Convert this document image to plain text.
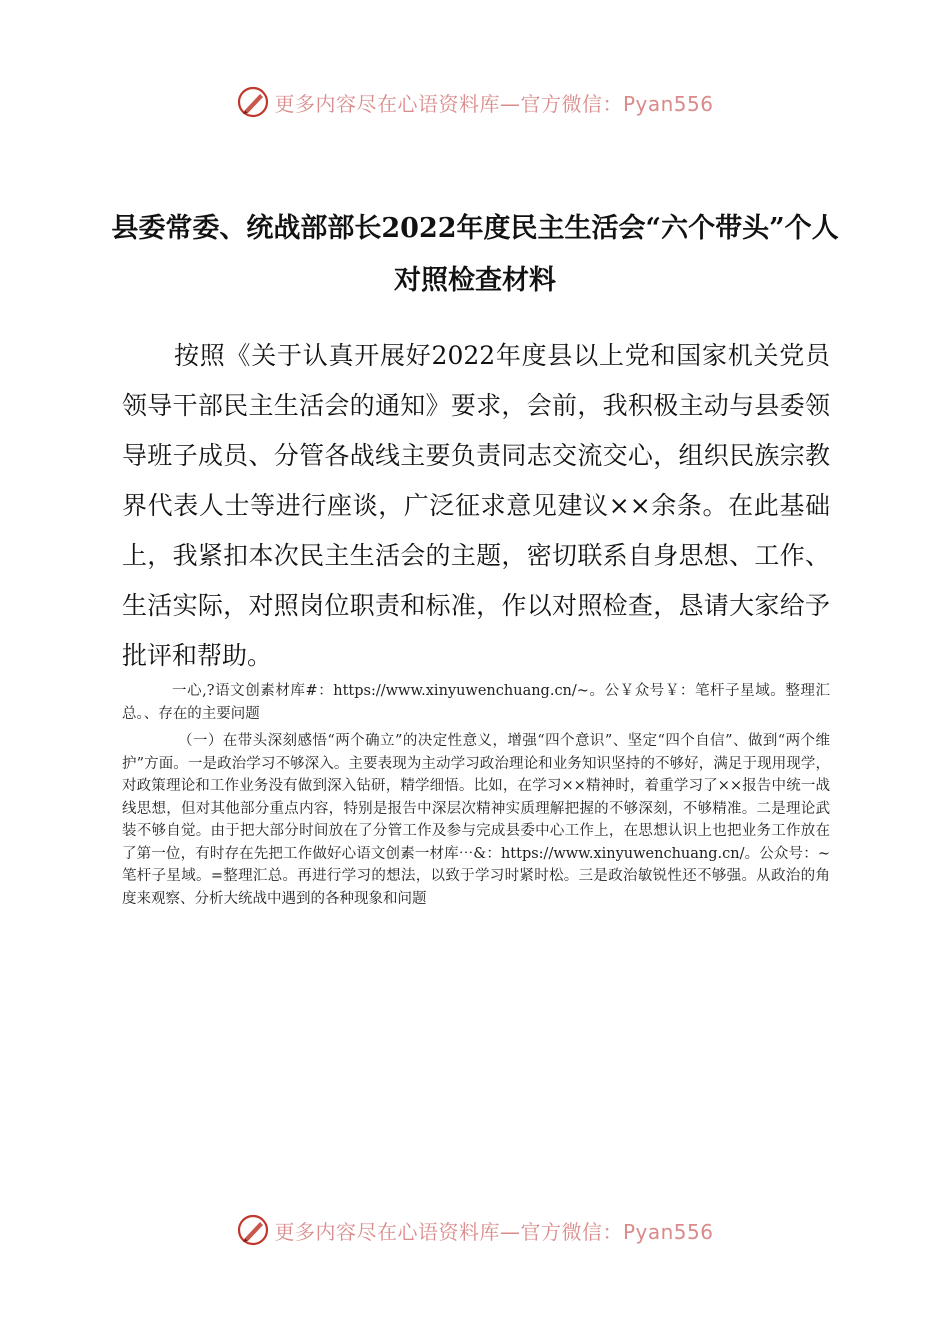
更多内容尽在心语资料库—官方微信：Pyan556
县委常委、统战部部长2022年度民主生活会“六个带头”个人对照检查材料

按照《关于认真开展好2022年度县以上党和国家机关党员领导干部民主生活会的通知》要求，会前，我积极主动与县委领导班子成员、分管各战线主要负责同志交流交心，组织民族宗教界代表人士等进行座谈，广泛征求意见建议××余条。在此基础上，我紧扣本次民主生活会的主题，密切联系自身思想、工作、生活实际，对照岗位职责和标准，作以对照检查，恳请大家给予批评和帮助。

一心,?语文创素材库#：https://www.xinyuwenchuang.cn/~。公￥众号￥：笔杆子星域。整理汇总。、存在的主要问题

（一）在带头深刻感悟“两个确立”的决定性意义，增强“四个意识”、坚定“四个自信”、做到“两个维护”方面。一是政治学习不够深入。主要表现为主动学习政治理论和业务知识坚持的不够好，满足于现用现学，对政策理论和工作业务没有做到深入钻研，精学细悟。比如，在学习××精神时，着重学习了××报告中统一战线思想，但对其他部分重点内容，特别是报告中深层次精神实质理解把握的不够深刻，不够精准。二是理论武装不够自觉。由于把大部分时间放在了分管工作及参与完成县委中心工作上，在思想认识上也把业务工作放在了第一位，有时存在先把工作做好心语文创素一材库⋯&：https://www.xinyuwenchuang.cn/。公众号：~笔杆子星域。=整理汇总。再进行学习的想法，以致于学习时紧时松。三是政治敏锐性还不够强。从政治的角度来观察、分析大统战中遇到的各种现象和问题

更多内容尽在心语资料库—官方微信：Pyan556
